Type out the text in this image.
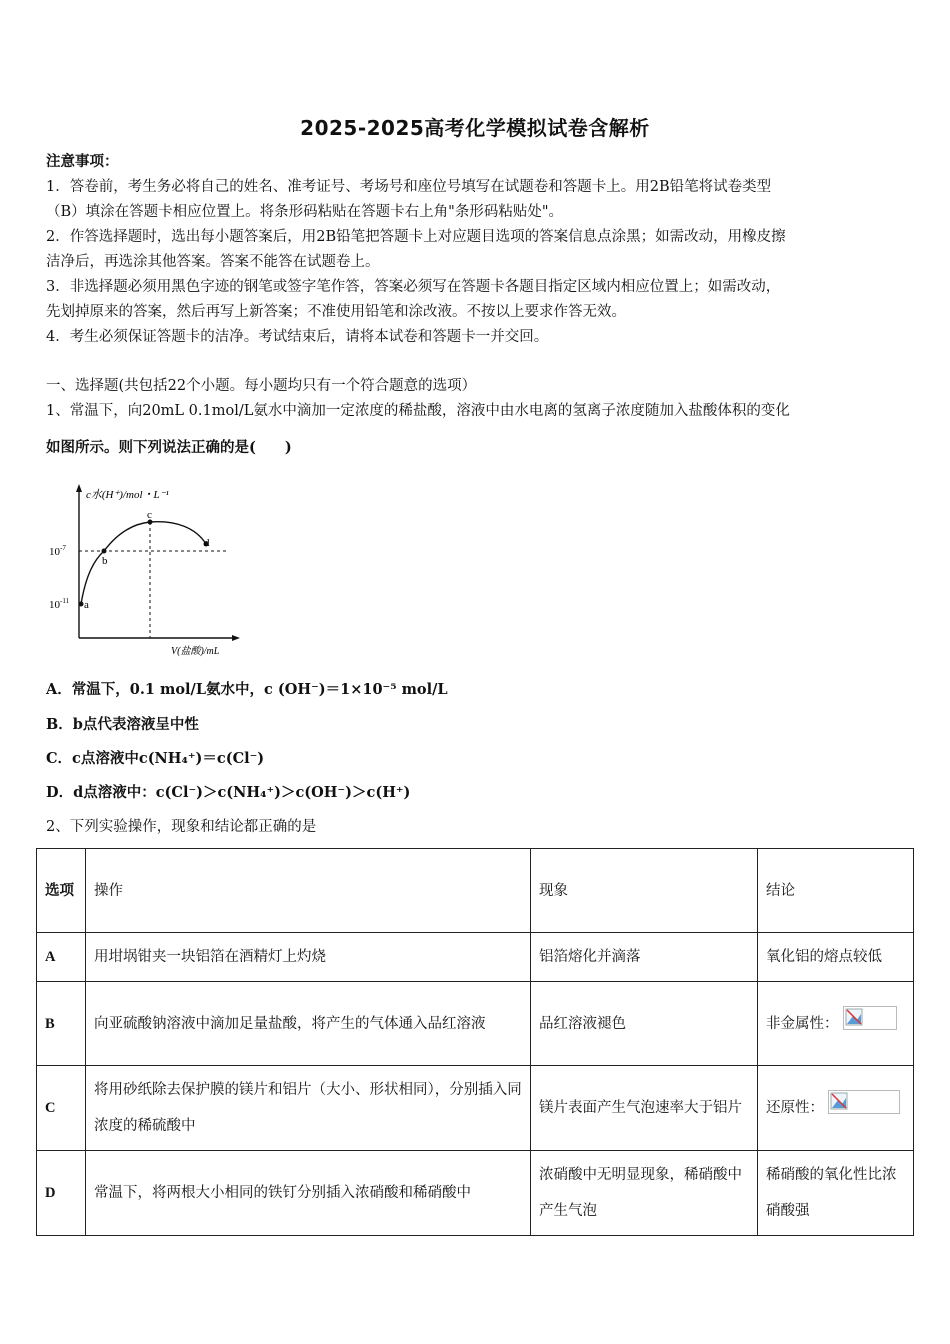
2025-2025高考化学模拟试卷含解析
注意事项：
1．答卷前，考生务必将自己的姓名、准考证号、考场号和座位号填写在试题卷和答题卡上。用2B铅笔将试卷类型
（B）填涂在答题卡相应位置上。将条形码粘贴在答题卡右上角"条形码粘贴处"。
2．作答选择题时，选出每小题答案后，用2B铅笔把答题卡上对应题目选项的答案信息点涂黑；如需改动，用橡皮擦
洁净后，再选涂其他答案。答案不能答在试题卷上。
3．非选择题必须用黑色字迹的钢笔或签字笔作答，答案必须写在答题卡各题目指定区域内相应位置上；如需改动，
先划掉原来的答案，然后再写上新答案；不准使用铅笔和涂改液。不按以上要求作答无效。
4．考生必须保证答题卡的洁净。考试结束后，请将本试卷和答题卡一并交回。
一、选择题(共包括22个小题。每小题均只有一个符合题意的选项）
1、常温下，向20mL 0.1mol/L氨水中滴加一定浓度的稀盐酸，溶液中由水电离的氢离子浓度随加入盐酸体积的变化
如图所示。则下列说法正确的是(　　)
a
b
c
d
$10^{-7}$
$10^{-11}$
c水(H⁺)/mol・L⁻¹
V(盐酸)/mL
A．常温下，0.1 mol/L氨水中，c (OH⁻)＝1×10⁻⁵ mol/L
B．b点代表溶液呈中性
C．c点溶液中c(NH₄⁺)＝c(Cl⁻)
D．d点溶液中：c(Cl⁻)＞c(NH₄⁺)＞c(OH⁻)＞c(H⁺)
2、下列实验操作，现象和结论都正确的是
选项	操作	现象	结论
A	用坩埚钳夹一块铝箔在酒精灯上灼烧	铝箔熔化并滴落	氧化铝的熔点较低
B	向亚硫酸钠溶液中滴加足量盐酸，将产生的气体通入品红溶液	品红溶液褪色	非金属性：

C	将用砂纸除去保护膜的镁片和铝片（大小、形状相同），分别插入同浓度的稀硫酸中	镁片表面产生气泡速率大于铝片	还原性：

D	常温下，将两根大小相同的铁钉分别插入浓硝酸和稀硝酸中	浓硝酸中无明显现象，稀硝酸中产生气泡	稀硝酸的氧化性比浓硝酸强
